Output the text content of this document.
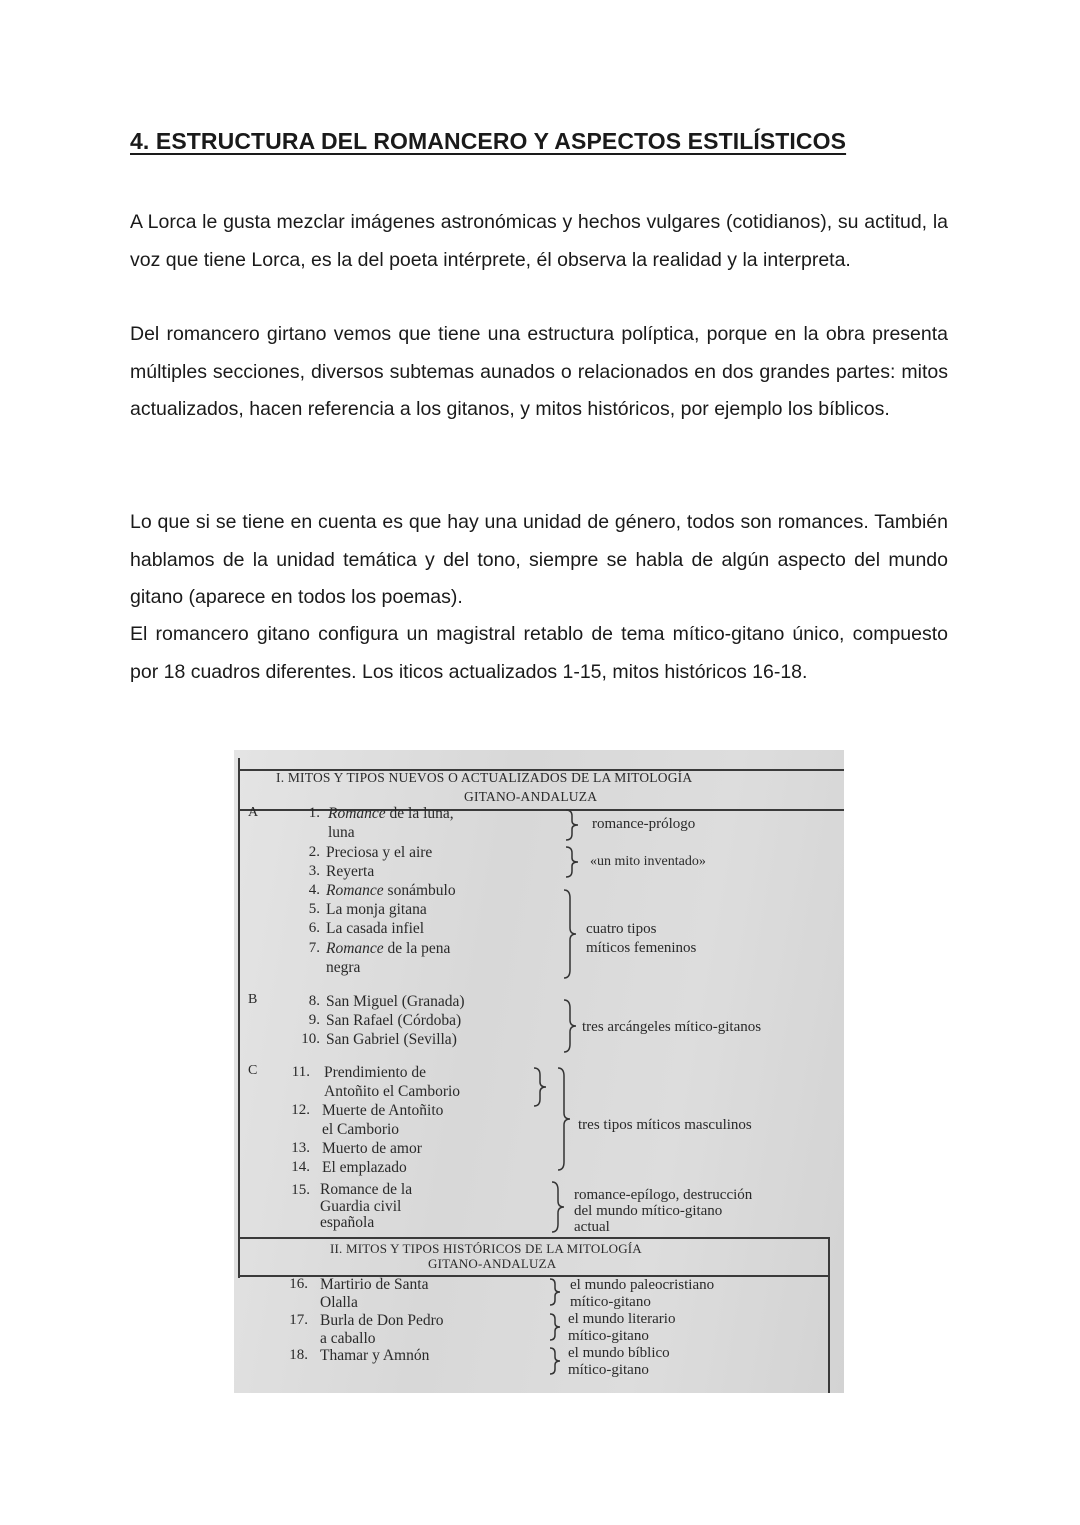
4. ESTRUCTURA DEL ROMANCERO Y ASPECTOS ESTILÍSTICOS

A Lorca le gusta mezclar imágenes astronómicas y hechos vulgares (cotidianos), su actitud, la voz que tiene Lorca, es la del poeta intérprete, él observa la realidad y la interpreta.

Del romancero girtano vemos que tiene una estructura políptica, porque en la obra presenta múltiples secciones, diversos subtemas aunados o relacionados en dos grandes partes: mitos actualizados, hacen referencia a los gitanos, y mitos históricos, por ejemplo los bíblicos.

Lo que si se tiene en cuenta es que hay una unidad de género, todos son romances. También hablamos de la unidad temática y del tono, siempre se habla de algún aspecto del mundo gitano (aparece en todos los poemas).

El romancero gitano configura un magistral retablo de tema mítico-gitano único, compuesto por 18 cuadros diferentes. Los iticos actualizados 1-15, mitos históricos 16-18.

I. MITOS Y TIPOS NUEVOS O ACTUALIZADOS DE LA MITOLOGÍA
GITANO-ANDALUZA
II. MITOS Y TIPOS HISTÓRICOS DE LA MITOLOGÍA
GITANO-ANDALUZA
A
B
C
1.
2.
3.
4.
5.
6.
7.
8.
9.
10.
11.
12.
13.
14.
15.
16.
17.
18.
Romance de la luna,
luna
Preciosa y el aire
Reyerta
Romance sonámbulo
La monja gitana
La casada infiel
Romance de la pena
negra
San Miguel (Granada)
San Rafael (Córdoba)
San Gabriel (Sevilla)
Prendimiento de
Antoñito el Camborio
Muerte de Antoñito
el Camborio
Muerto de amor
El emplazado
Romance de la
Guardia civil
española
Martirio de Santa
Olalla
Burla de Don Pedro
a caballo
Thamar y Amnón
romance-prólogo
«un mito inventado»
cuatro tipos
míticos femeninos
tres arcángeles mítico-gitanos
tres tipos míticos masculinos
romance-epílogo, destrucción
del mundo mítico-gitano
actual
el mundo paleocristiano
mítico-gitano
el mundo literario
mítico-gitano
el mundo bíblico
mítico-gitano
